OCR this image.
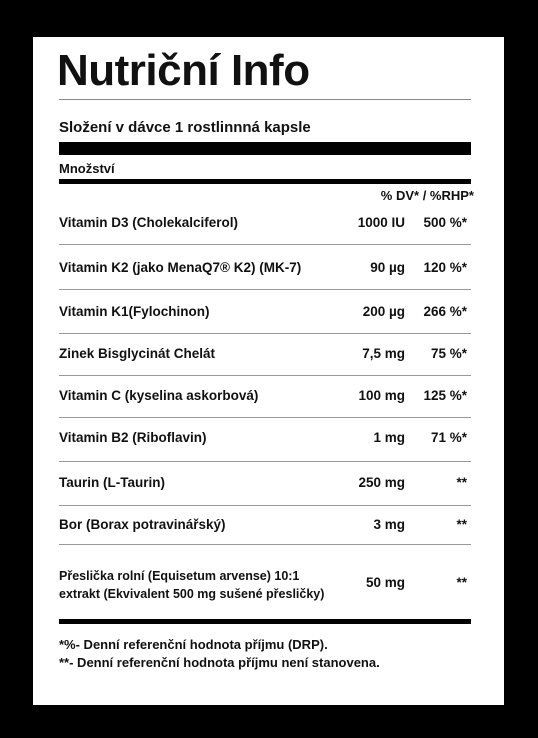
Nutriční Info
Složení v dávce 1 rostlinnná kapsle
Množství
% DV* / %RHP*
Vitamin D3 (Cholekalciferol)	1000 IU 500 %*
Vitamin K2 (jako MenaQ7® K2) (MK-7)	90 µg 120 %*
Vitamin K1(Fylochinon)	200 µg 266 %*
Zinek Bisglycinát Chelát	7,5 mg 75 %*
Vitamin C (kyselina askorbová)	100 mg 125 %*
Vitamin B2 (Riboflavin)	1 mg 71 %*
Taurin (L-Taurin)	250 mg	**
Bor (Borax potravinářský)	3 mg	**
Přeslička rolní (Equisetum arvense) 10:1
extrakt (Ekvivalent 500 mg sušené přesličky)
50 mg	**
*%- Denní referenční hodnota příjmu (DRP).
**- Denní referenční hodnota příjmu není stanovena.
